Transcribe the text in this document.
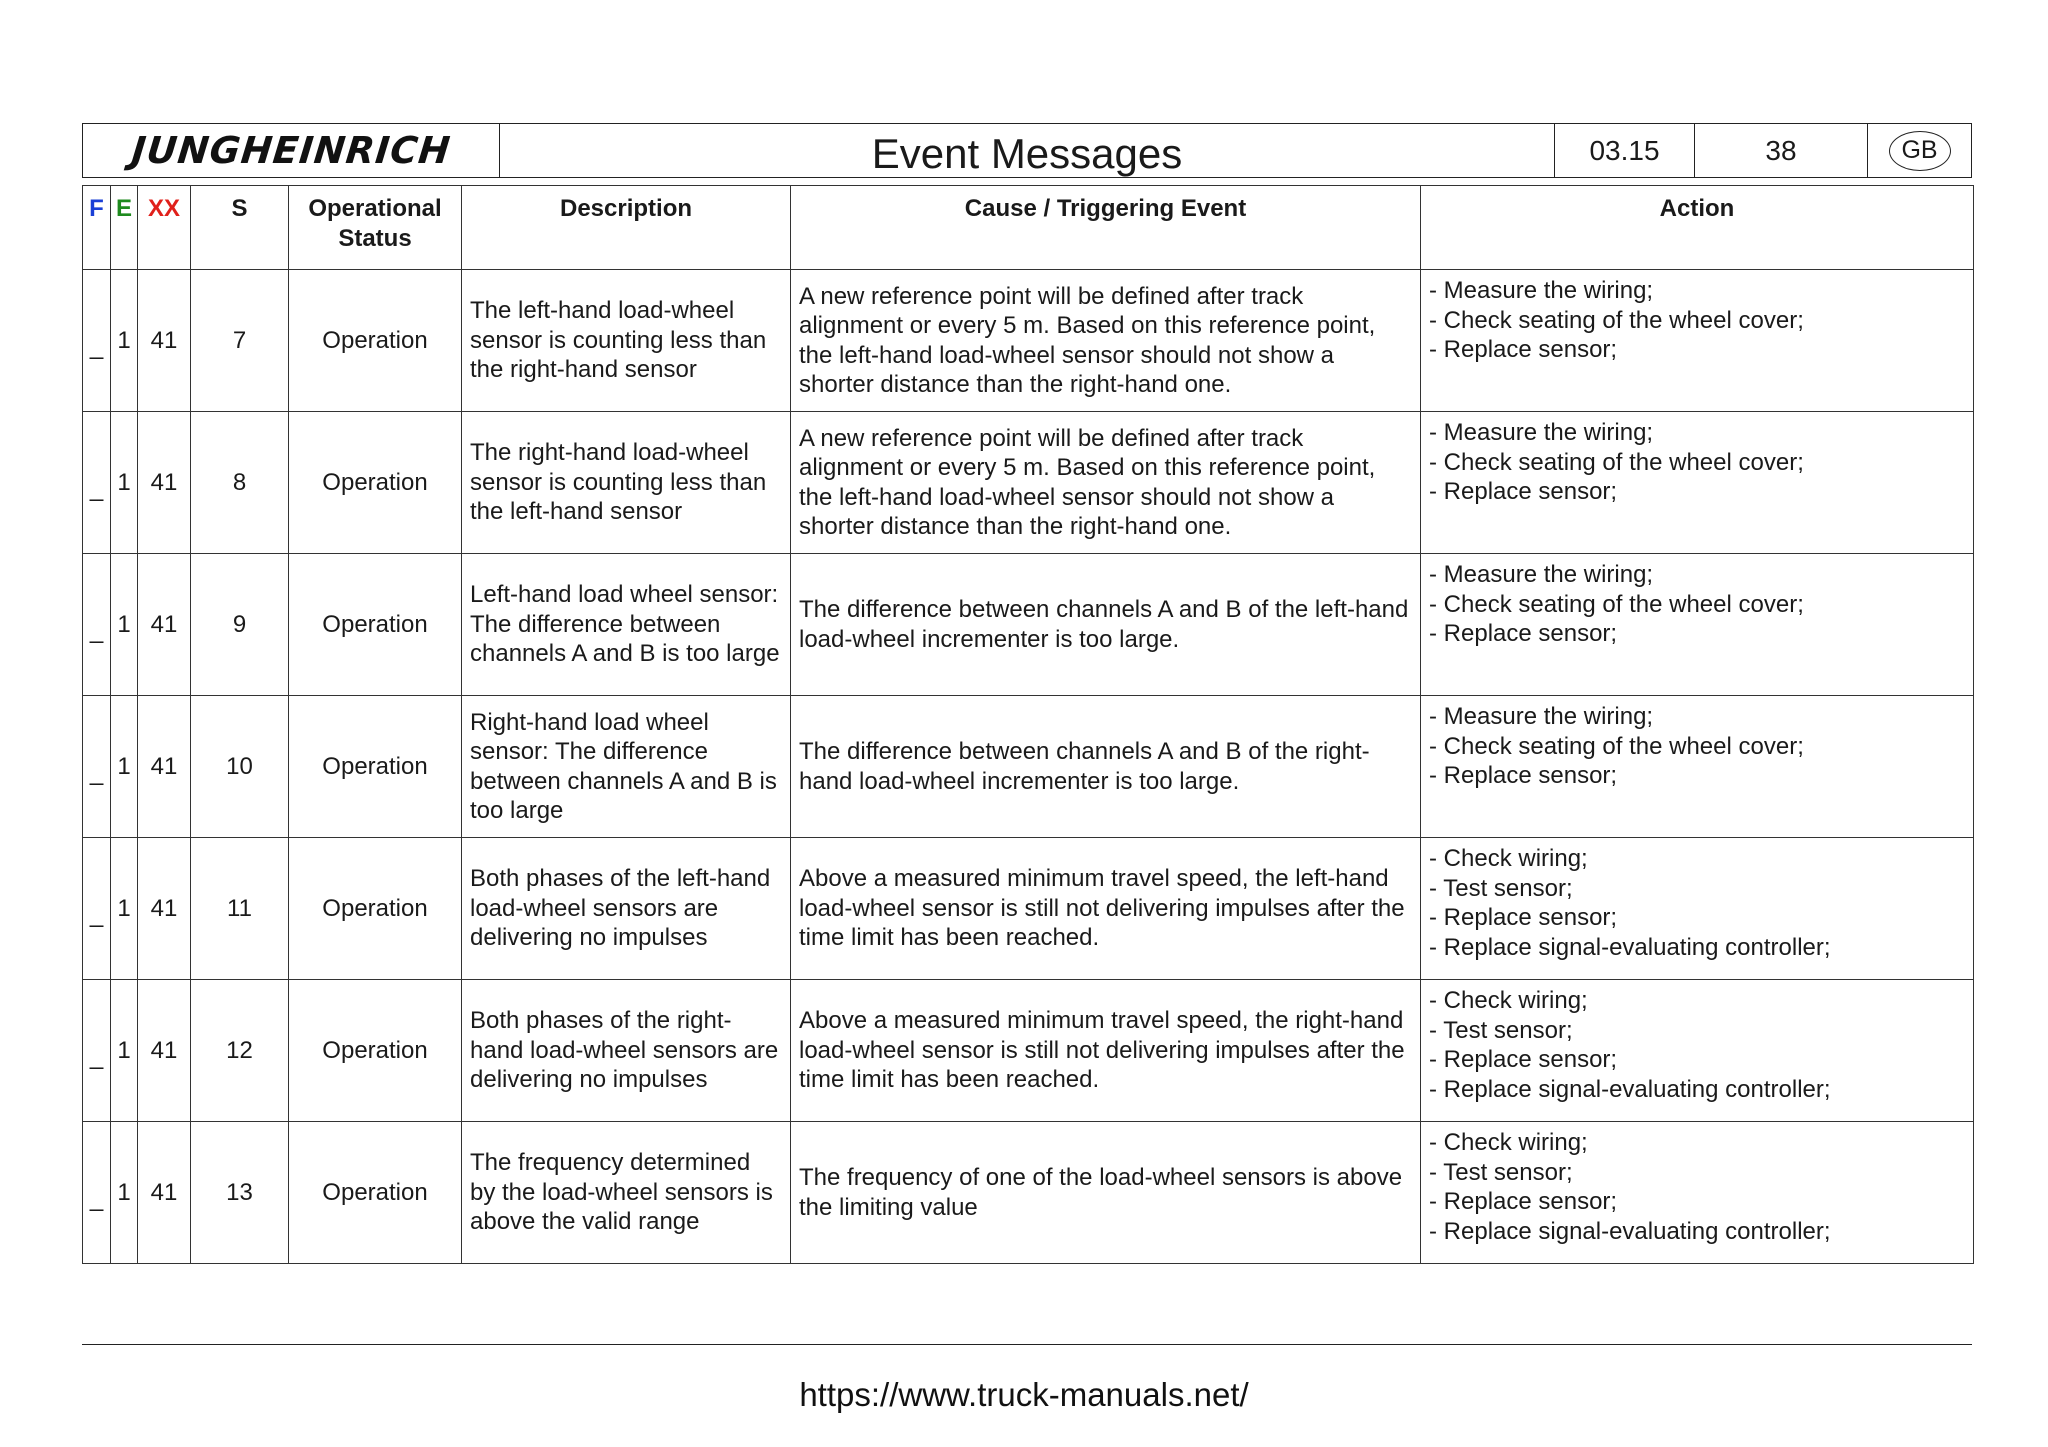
JUNGHEINRICH	Event Messages	03.15	38	GB
F	E	XX	S	Operational Status	Description	Cause / Triggering Event	Action
_	1	41	7	Operation	The left-hand load-wheel sensor is counting less than the right-hand sensor	A new reference point will be defined after track alignment or every 5 m. Based on this reference point, the left-hand load-wheel sensor should not show a shorter distance than the right-hand one.	- Measure the wiring;
- Check seating of the wheel cover;
- Replace sensor;

_	1	41	8	Operation	The right-hand load-wheel sensor is counting less than the left-hand sensor	A new reference point will be defined after track alignment or every 5 m. Based on this reference point, the left-hand load-wheel sensor should not show a shorter distance than the right-hand one.	- Measure the wiring;
- Check seating of the wheel cover;
- Replace sensor;

_	1	41	9	Operation	Left-hand load wheel sensor: The difference between channels A and B is too large	The difference between channels A and B of the left-hand load-wheel incrementer is too large.	- Measure the wiring;
- Check seating of the wheel cover;
- Replace sensor;

_	1	41	10	Operation	Right-hand load wheel sensor: The difference between channels A and B is too large	The difference between channels A and B of the right-hand load-wheel incrementer is too large.	- Measure the wiring;
- Check seating of the wheel cover;
- Replace sensor;

_	1	41	11	Operation	Both phases of the left-hand load-wheel sensors are delivering no impulses	Above a measured minimum travel speed, the left-hand load-wheel sensor is still not delivering impulses after the time limit has been reached.	- Check wiring;
- Test sensor;
- Replace sensor;
- Replace signal-evaluating controller;

_	1	41	12	Operation	Both phases of the right-hand load-wheel sensors are delivering no impulses	Above a measured minimum travel speed, the right-hand load-wheel sensor is still not delivering impulses after the time limit has been reached.	- Check wiring;
- Test sensor;
- Replace sensor;
- Replace signal-evaluating controller;

_	1	41	13	Operation	The frequency determined by the load-wheel sensors is above the valid range	The frequency of one of the load-wheel sensors is above the limiting value	- Check wiring;
- Test sensor;
- Replace sensor;
- Replace signal-evaluating controller;
https://www.truck-manuals.net/
